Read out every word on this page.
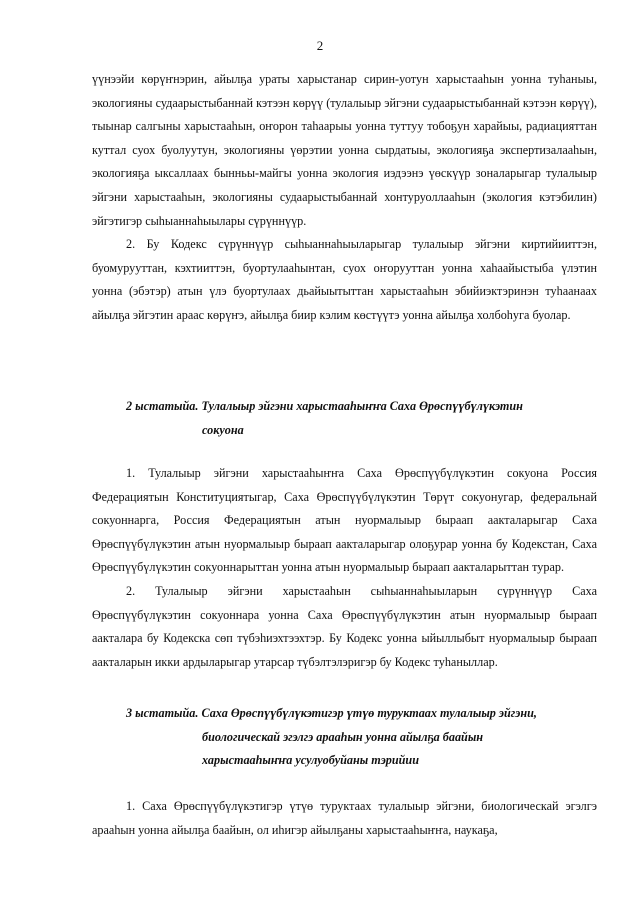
2

үүнээйи көрүҥнэрин, айылҕа ураты харыстанар сирин-уотун харыстааһын уонна туһаныы, экологияны судаарыстыбаннай кэтээн көрүү (тулалыыр эйгэни судаарыстыбаннай кэтээн көрүү), тыынар салгыны харыстааһын, оҥорон таһаарыы уонна туттуу тобоҕун харайыы, радиацияттан куттал суох буолуутун, экологияны үөрэтии уонна сырдатыы, экологияҕа экспертизалааһын, экологияҕа ыксаллаах бынньы-майгы уонна экология иэдээнэ үөскүүр зоналарыгар тулалыыр эйгэни харыстааһын, экологияны судаарыстыбаннай хонтуруоллааһын (экология кэтэбилин) эйгэтигэр сыһыаннаһыылары сүрүннүүр.

2. Бу Кодекс сүрүннүүр сыһыаннаһыыларыгар тулалыыр эйгэни киртийииттэн, буомурууттан, кэхтииттэн, буортулааһынтан, суох оҥорууттан уонна хаһаайыстыба үлэтин уонна (эбэтэр) атын үлэ буортулаах дьайыытыттан харыстааһын эбийиэктэринэн туһаанаах айылҕа эйгэтин араас көрүҥэ, айылҕа биир кэлим көстүүтэ уонна айылҕа холбоһуга буолар.

2 ыстатыйа. Тулалыыр эйгэни харыстааһыҥҥа Саха Өрөспүүбүлүкэтин
сокуона

1. Тулалыыр эйгэни харыстааһыҥҥа Саха Өрөспүүбүлүкэтин сокуона Россия Федерациятын Конституциятыгар, Саха Өрөспүүбүлүкэтин Төрүт сокуонугар, федеральнай сокуоннарга, Россия Федерациятын атын нуормалыыр быраап аакталарыгар Саха Өрөспүүбүлүкэтин атын нуормалыыр быраап аакталарыгар олоҕурар уонна бу Кодекстан, Саха Өрөспүүбүлүкэтин сокуоннарыттан уонна атын нуормалыыр быраап аакталарыттан турар.

2. Тулалыыр эйгэни харыстааһын сыһыаннаһыыларын сүрүннүүр Саха Өрөспүүбүлүкэтин сокуоннара уонна Саха Өрөспүүбүлүкэтин атын нуормалыыр быраап аакталара бу Кодекска сөп түбэһиэхтээхтэр. Бу Кодекс уонна ыйыллыбыт нуормалыыр быраап аакталарын икки ардыларыгар утарсар түбэлтэлэригэр бу Кодекс туһаныллар.

3 ыстатыйа. Саха Өрөспүүбүлүкэтигэр үтүө туруктаах тулалыыр эйгэни,
биологическай эгэлгэ арааһын уонна айылҕа баайын
харыстааһыҥҥа усулуобуйаны тэрийии

1. Саха Өрөспүүбүлүкэтигэр үтүө туруктаах тулалыыр эйгэни, биологическай эгэлгэ арааһын уонна айылҕа баайын, ол иһигэр айылҕаны харыстааһыҥҥа, наукаҕа,
